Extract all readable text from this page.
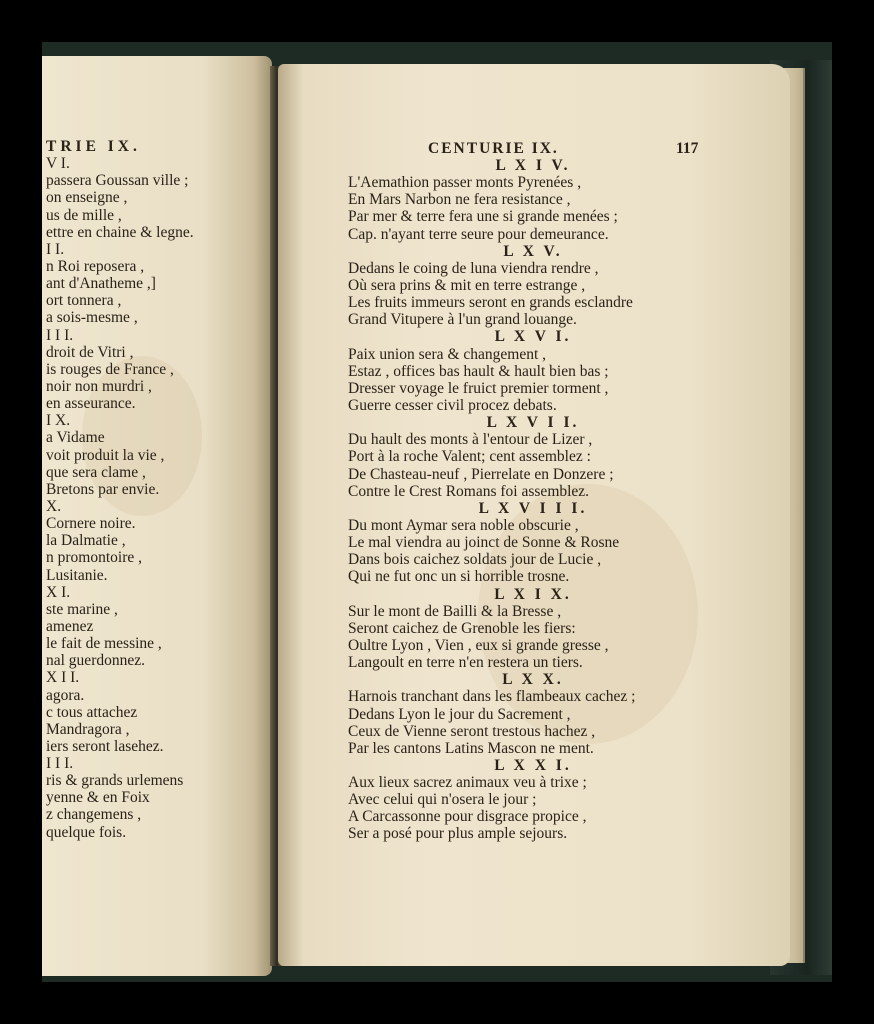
TRIE IX.
V I.
passera Goussan ville ;
on enseigne ,
us de mille ,
ettre en chaine & legne.
I I.
n Roi reposera ,
ant d'Anatheme ,]
ort tonnera ,
a sois-mesme ,
I I I.
droit de Vitri ,
is rouges de France ,
noir non murdri ,
en asseurance.
I X.
a Vidame
voit produit la vie ,
que sera clame ,
Bretons par envie.
X.
Cornere noire.
la Dalmatie ,
n promontoire ,
Lusitanie.
X I.
ste marine ,
amenez
le fait de messine ,
nal guerdonnez.
X I I.
agora.
c tous attachez
Mandragora ,
iers seront lasehez.
I I I.
ris & grands urlemens
yenne & en Foix
z changemens ,
quelque fois.
CENTURIE IX.	117
L X I V.
L'Aemathion passer monts Pyrenées ,
En Mars Narbon ne fera resistance ,
Par mer & terre fera une si grande menées ;
Cap. n'ayant terre seure pour demeurance.
L X V.
Dedans le coing de luna viendra rendre ,
Où sera prins & mit en terre estrange ,
Les fruits immeurs seront en grands esclandre
Grand Vitupere à l'un grand louange.
L X V I.
Paix union sera & changement ,
Estaz , offices bas hault & hault bien bas ;
Dresser voyage le fruict premier torment ,
Guerre cesser civil procez debats.
L X V I I.
Du hault des monts à l'entour de Lizer ,
Port à la roche Valent; cent assemblez :
De Chasteau-neuf , Pierrelate en Donzere ;
Contre le Crest Romans foi assemblez.
L X V I I I.
Du mont Aymar sera noble obscurie ,
Le mal viendra au joinct de Sonne & Rosne
Dans bois caichez soldats jour de Lucie ,
Qui ne fut onc un si horrible trosne.
L X I X.
Sur le mont de Bailli & la Bresse ,
Seront caichez de Grenoble les fiers:
Oultre Lyon , Vien , eux si grande gresse ,
Langoult en terre n'en restera un tiers.
L X X.
Harnois tranchant dans les flambeaux cachez ;
Dedans Lyon le jour du Sacrement ,
Ceux de Vienne seront trestous hachez ,
Par les cantons Latins Mascon ne ment.
L X X I.
Aux lieux sacrez animaux veu à trixe ;
Avec celui qui n'osera le jour ;
A Carcassonne pour disgrace propice ,
Ser a posé pour plus ample sejours.
